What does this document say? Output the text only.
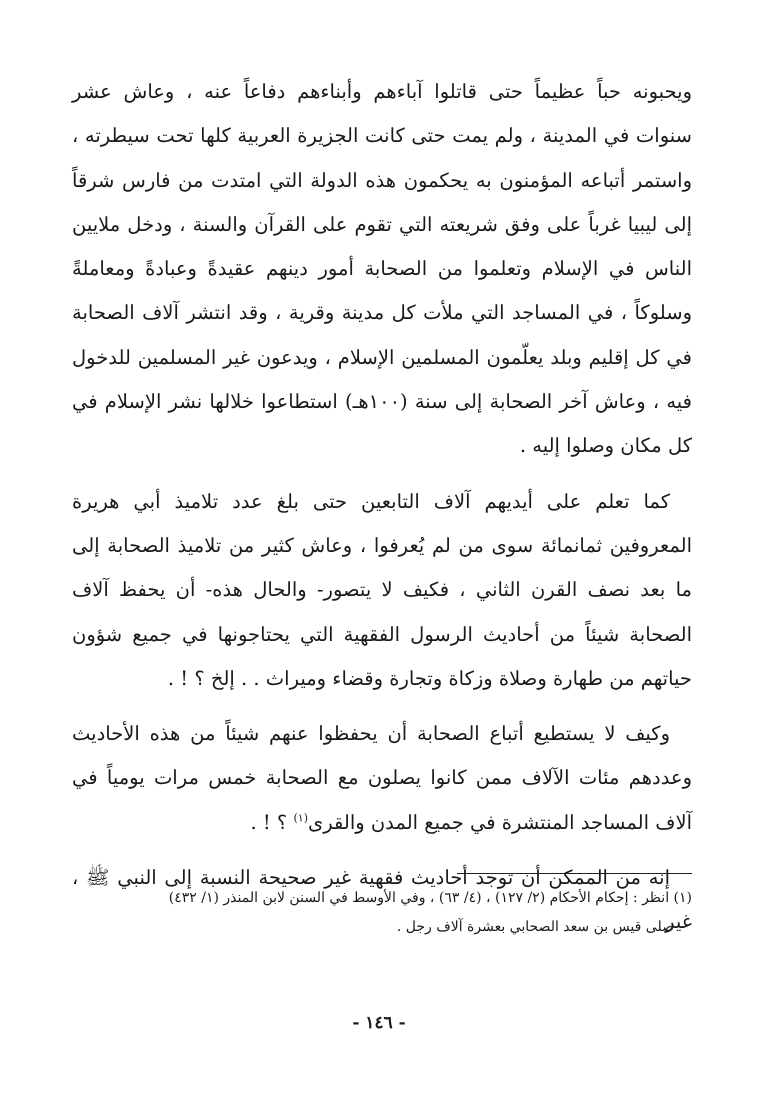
ويحبونه حباً عظيماً حتى قاتلوا آباءهم وأبناءهم دفاعاً عنه ، وعاش عشر سنوات في المدينة ، ولم يمت حتى كانت الجزيرة العربية كلها تحت سيطرته ، واستمر أتباعه المؤمنون به يحكمون هذه الدولة التي امتدت من فارس شرقاً إلى ليبيا غرباً على وفق شريعته التي تقوم على القرآن والسنة ، ودخل ملايين الناس في الإسلام وتعلموا من الصحابة أمور دينهم عقيدةً وعبادةً ومعاملةً وسلوكاً ، في المساجد التي ملأت كل مدينة وقرية ، وقد انتشر آلاف الصحابة في كل إقليم وبلد يعلّمون المسلمين الإسلام ، ويدعون غير المسلمين للدخول فيه ، وعاش آخر الصحابة إلى سنة (١٠٠هـ) استطاعوا خلالها نشر الإسلام في كل مكان وصلوا إليه .

كما تعلم على أيديهم آلاف التابعين حتى بلغ عدد تلاميذ أبي هريرة المعروفين ثمانمائة سوى من لم يُعرفوا ، وعاش كثير من تلاميذ الصحابة إلى ما بعد نصف القرن الثاني ، فكيف لا يتصور- والحال هذه- أن يحفظ آلاف الصحابة شيئاً من أحاديث الرسول الفقهية التي يحتاجونها في جميع شؤون حياتهم من طهارة وصلاة وزكاة وتجارة وقضاء وميراث . . إلخ ؟ ! .

وكيف لا يستطيع أتباع الصحابة أن يحفظوا عنهم شيئاً من هذه الأحاديث وعددهم مئات الآلاف ممن كانوا يصلون مع الصحابة خمس مرات يومياً في آلاف المساجد المنتشرة في جميع المدن والقرى$^{(١)}$ ؟ ! .

إنه من الممكن أن توجد أحاديث فقهية غير صحيحة النسبة إلى النبي ﷺ ، غير

(١) انظر : إحكام الأحكام (٢/ ١٢٧) ، (٤/ ٦٣) ، وفي الأوسط في السنن لابن المنذر (١/ ٤٣٢)

صلى قيس بن سعد الصحابي بعشرة آلاف رجل .

- ١٤٦ -
